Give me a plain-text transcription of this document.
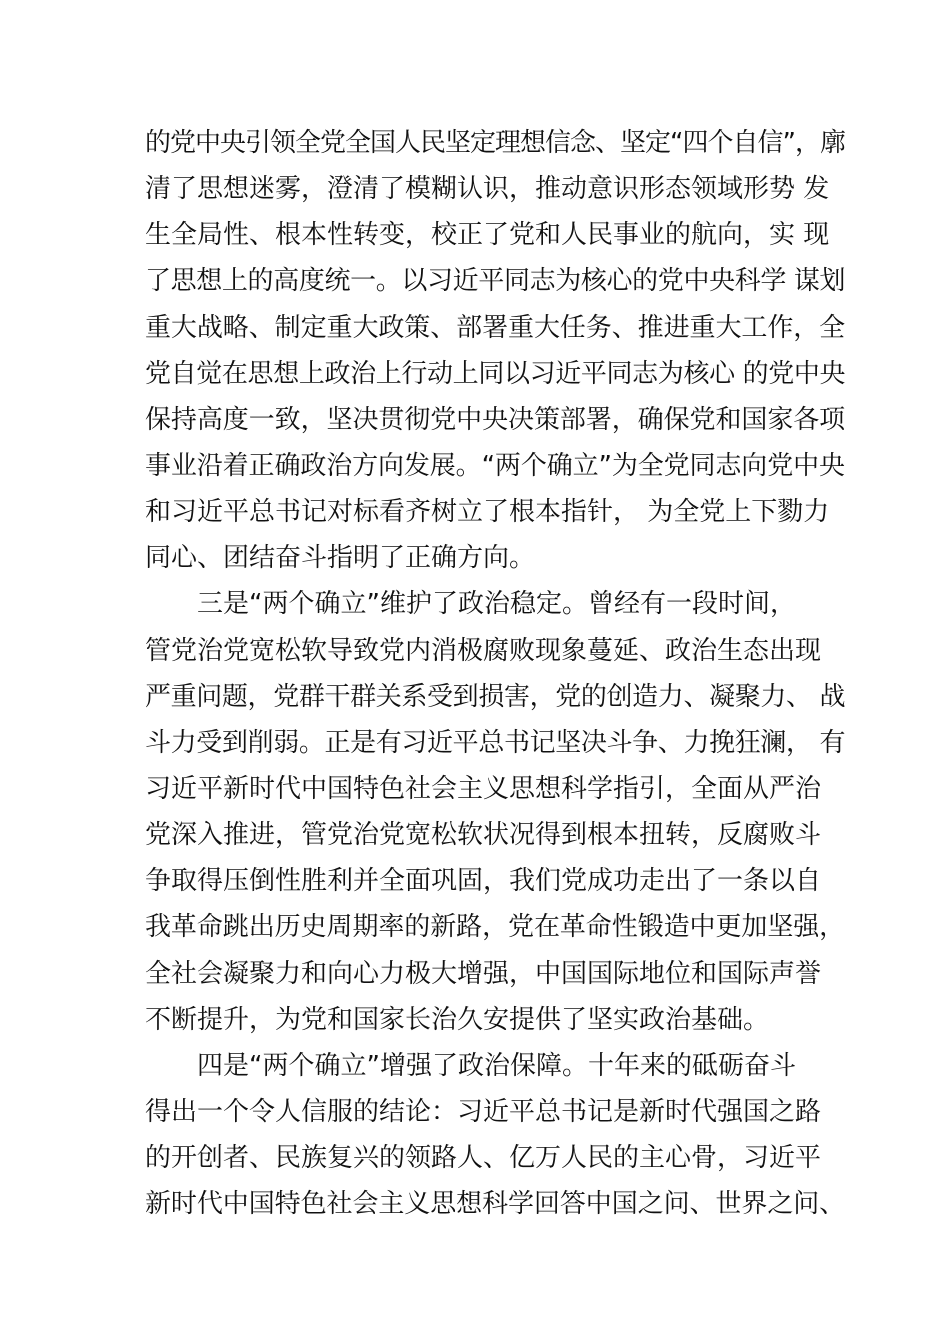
的党中央引领全党全国人民坚定理想信念、坚定“四个自信”，廓
清了思想迷雾，澄清了模糊认识，推动意识形态领域形势 发
生全局性、根本性转变，校正了党和人民事业的航向，实 现
了思想上的高度统一。以习近平同志为核心的党中央科学 谋划
重大战略、制定重大政策、部署重大任务、推进重大工作，全
党自觉在思想上政治上行动上同以习近平同志为核心 的党中央
保持高度一致，坚决贯彻党中央决策部署，确保党和国家各项
事业沿着正确政治方向发展。“两个确立”为全党同志向党中央
和习近平总书记对标看齐树立了根本指针， 为全党上下勠力
同心、团结奋斗指明了正确方向。
三是“两个确立”维护了政治稳定。曾经有一段时间，
管党治党宽松软导致党内消极腐败现象蔓延、政治生态出现
严重问题，党群干群关系受到损害，党的创造力、凝聚力、 战
斗力受到削弱。正是有习近平总书记坚决斗争、力挽狂澜， 有
习近平新时代中国特色社会主义思想科学指引，全面从严治
党深入推进，管党治党宽松软状况得到根本扭转，反腐败斗
争取得压倒性胜利并全面巩固，我们党成功走出了一条以自
我革命跳出历史周期率的新路，党在革命性锻造中更加坚强，
全社会凝聚力和向心力极大增强，中国国际地位和国际声誉
不断提升，为党和国家长治久安提供了坚实政治基础。
四是“两个确立”增强了政治保障。十年来的砥砺奋斗
得出一个令人信服的结论：习近平总书记是新时代强国之路
的开创者、民族复兴的领路人、亿万人民的主心骨，习近平
新时代中国特色社会主义思想科学回答中国之问、世界之问、
